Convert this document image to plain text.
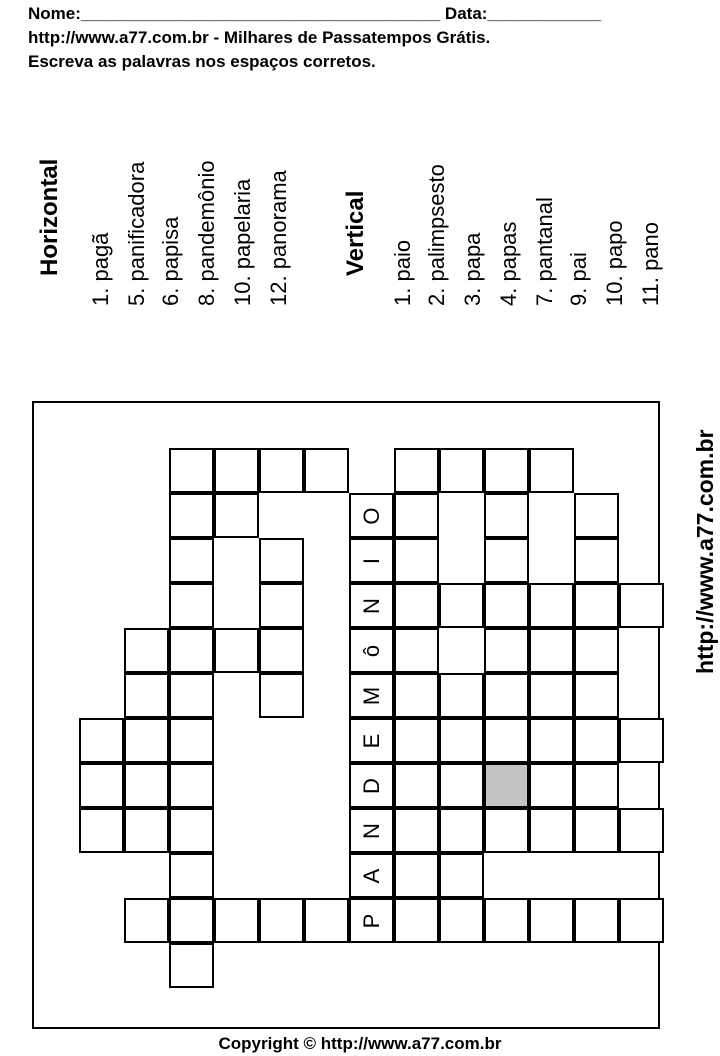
Nome:______________________________________ Data:____________
http://www.a77.com.br - Milhares de Passatempos Grátis.
Escreva as palavras nos espaços corretos.
Horizontal
1. pagã
5. panificadora
6. papisa
8. pandemônio
10. papelaria
12. panorama Vertical
1. paio
2. palimpsesto
3. papa
4. papas
7. pantanal
9. pai
10. papo
11. pano
O
I
N
ô
M
E
D
N
A
P
http://www.a77.com.br
Copyright © http://www.a77.com.br
